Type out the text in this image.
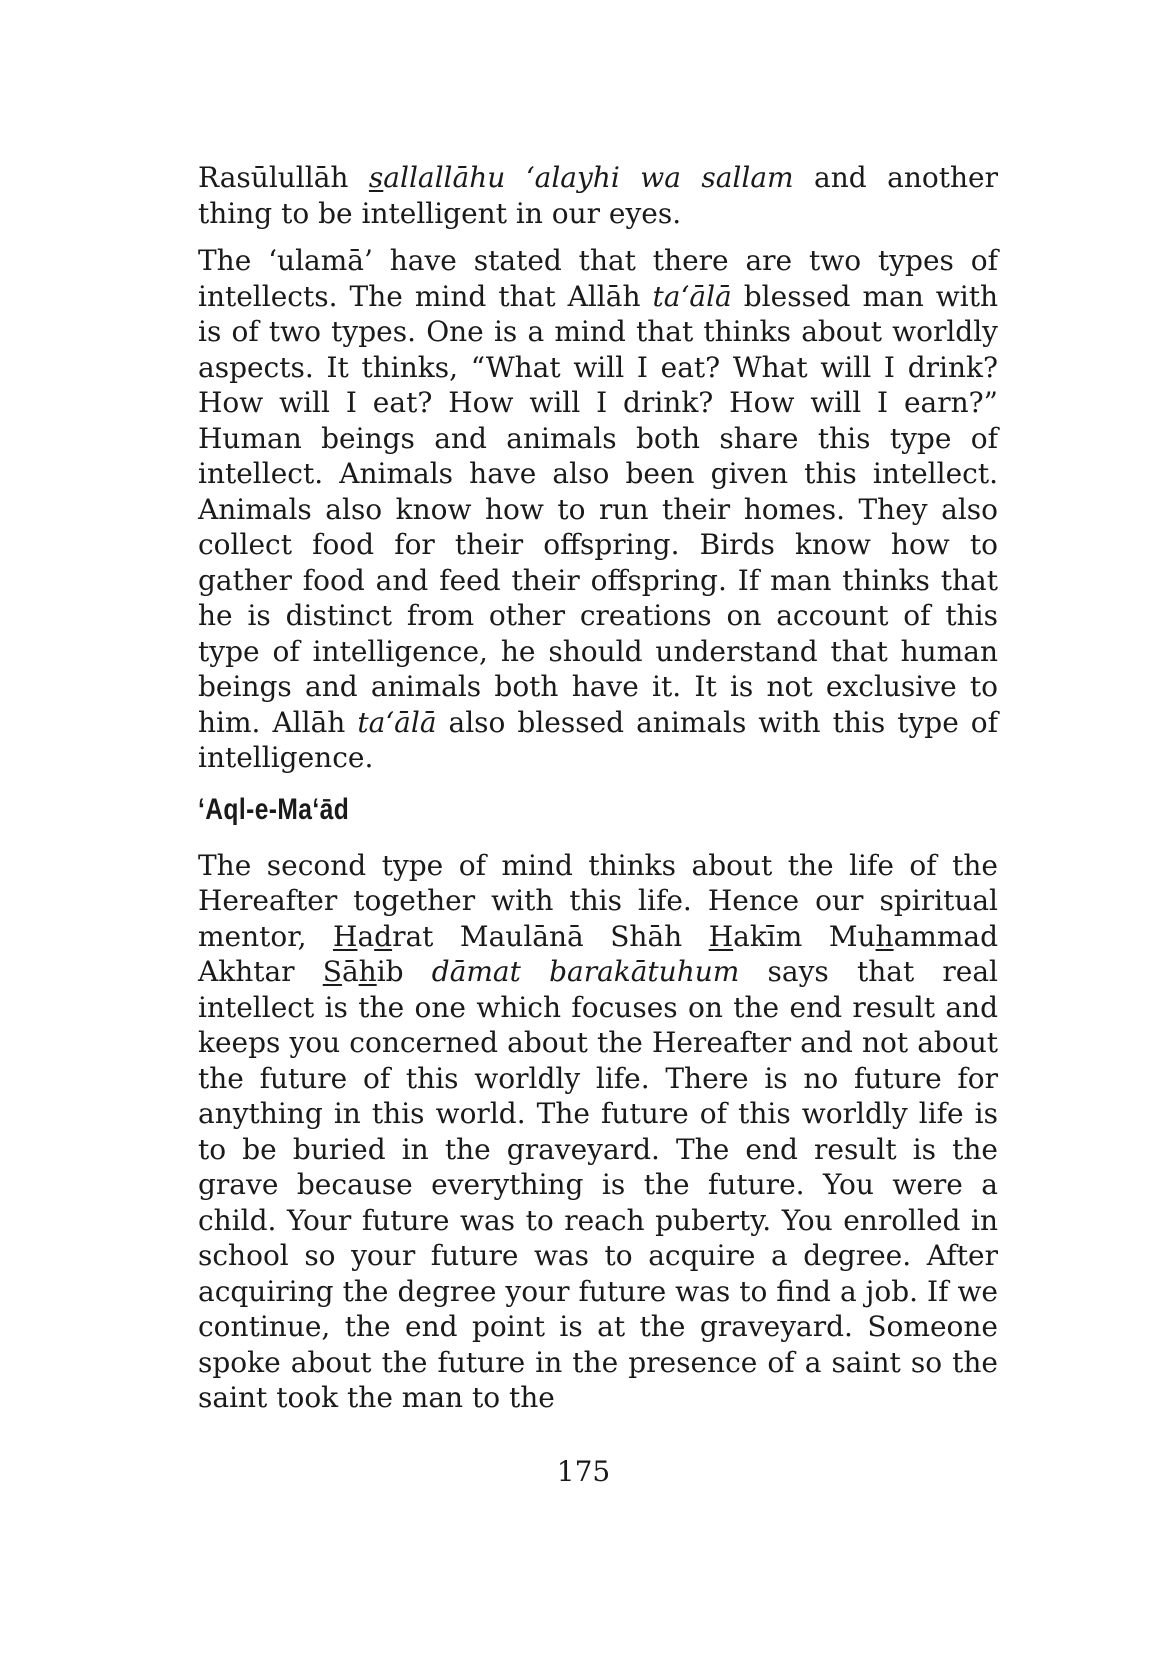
Rasūlullāh sallallāhu ‘alayhi wa sallam and another thing to be intelligent in our eyes.

The ‘ulamā’ have stated that there are two types of intellects. The mind that Allāh ta‘ālā blessed man with is of two types. One is a mind that thinks about worldly aspects. It thinks, “What will I eat? What will I drink? How will I eat? How will I drink? How will I earn?” Human beings and animals both share this type of intellect. Animals have also been given this intellect. Animals also know how to run their homes. They also collect food for their offspring. Birds know how to gather food and feed their offspring. If man thinks that he is distinct from other creations on account of this type of intelligence, he should understand that human beings and animals both have it. It is not exclusive to him. Allāh ta‘ālā also blessed animals with this type of intelligence.

‘Aql-e-Ma‘ād

The second type of mind thinks about the life of the Hereafter together with this life. Hence our spiritual mentor, Hadrat Maulānā Shāh Hakīm Muhammad Akhtar Sāhib dāmat barakātuhum says that real intellect is the one which focuses on the end result and keeps you concerned about the Hereafter and not about the future of this worldly life. There is no future for anything in this world. The future of this worldly life is to be buried in the graveyard. The end result is the grave because everything is the future. You were a child. Your future was to reach puberty. You enrolled in school so your future was to acquire a degree. After acquiring the degree your future was to find a job. If we continue, the end point is at the graveyard. Someone spoke about the future in the presence of a saint so the saint took the man to the

175
